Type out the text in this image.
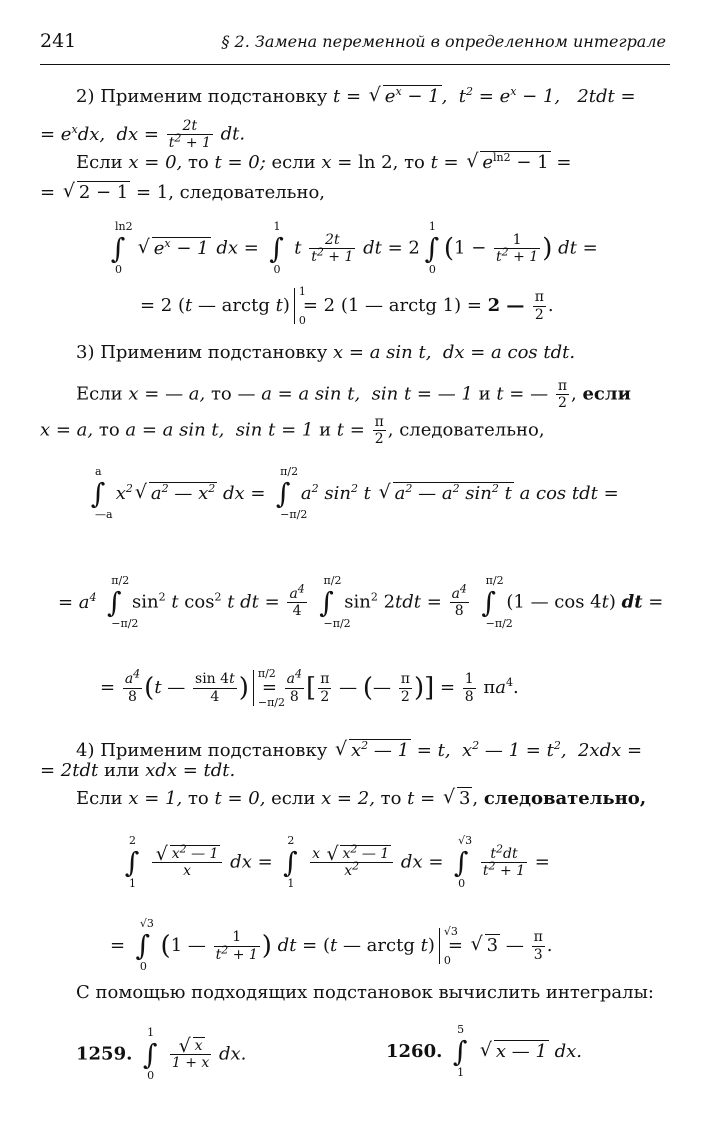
241	§ 2. Замена переменной в определенном интеграле
2) Применим подстановку t = √ $e^x - 1$ ,  $t^2 = e^x - 1$,   2tdt =
= $e^xdx$,  dx = $\frac{2t}{t^2 + 1}$ dt.
Если x = 0, то t = 0; если x = ln 2, то t = √ $e^{ln2} - 1$ =
= √ 2 − 1 = 1, следовательно,
∫
ln2
0
√ $e^x - 1$ dx = ∫
1
0
t $\frac{2t}{t^2 + 1}$ dt = 2 ∫
1
0
($1 - \frac{1}{t^2 + 1}$ ) dt =
= 2 (t — arctg t)
1
0
= 2 (1 — arctg 1) = 2 — $\frac{\pi}{2}$ .
3) Применим подстановку x = a sin t,  dx = a cos tdt.
Если x = — a, то — a = a sin t,  sin t = — 1 и t = — $\frac{\pi}{2}$ , если
x = a, то a = a sin t,  sin t = 1 и $t = \frac{\pi}{2}$ , следовательно,
∫
a
—a
$x^2√$ $a^2$ — $x^2$ dx = ∫
π/2
−π/2
$a^2$ $\sin^2 t$ √ $a^2$ — $a^2$ $\sin^2 t$ a cos tdt =
= $a^4$ ∫
π/2
−π/2
$\sin^2 t$ $\cos^2 t$ dt = $\frac{a^4}{4}$ ∫
π/2
−π/2
$\sin^2 2tdt = \frac{a^4}{8}$ ∫
π/2
−π/2
(1 — cos 4t) dt =
= $\frac{a^4}{8} (t$ — $\frac{\sin 4t}{4}$ ) π/2
−π/2
= $\frac{a^4}{8}$ [ $\frac{\pi}{2}$ — (— $\frac{\pi}{2}$ )] = $\frac{1}{8} \pi a^4$.
4) Применим подстановку √ $x^2$ — 1 = t,  $x^2$ — $1 = t^2$,  2xdx =
= 2tdt или xdx = tdt.
Если x = 1, то t = 0, если x = 2, то t = √ 3 , следовательно,
∫
2
1

√ $\frac{x^2 — 1}{x}$ dx = ∫
2
1

$\frac{x √ x^2 — 1}{x^2}$ dx = ∫
√3
0

$\frac{t^2dt}{t^2 + 1}$ =
= ∫
√3
0
(1 — $\frac{1}{t^2 + 1}$ ) dt = (t — arctg t)
√3
0
= √ 3 — $\frac{\pi}{3}$ .
С помощью подходящих подстановок вычислить интегралы:
1259. ∫
1
0

√ $\frac{x}{1 + x}$ dx.	1260. ∫
5
1
√ x — 1 dx.
